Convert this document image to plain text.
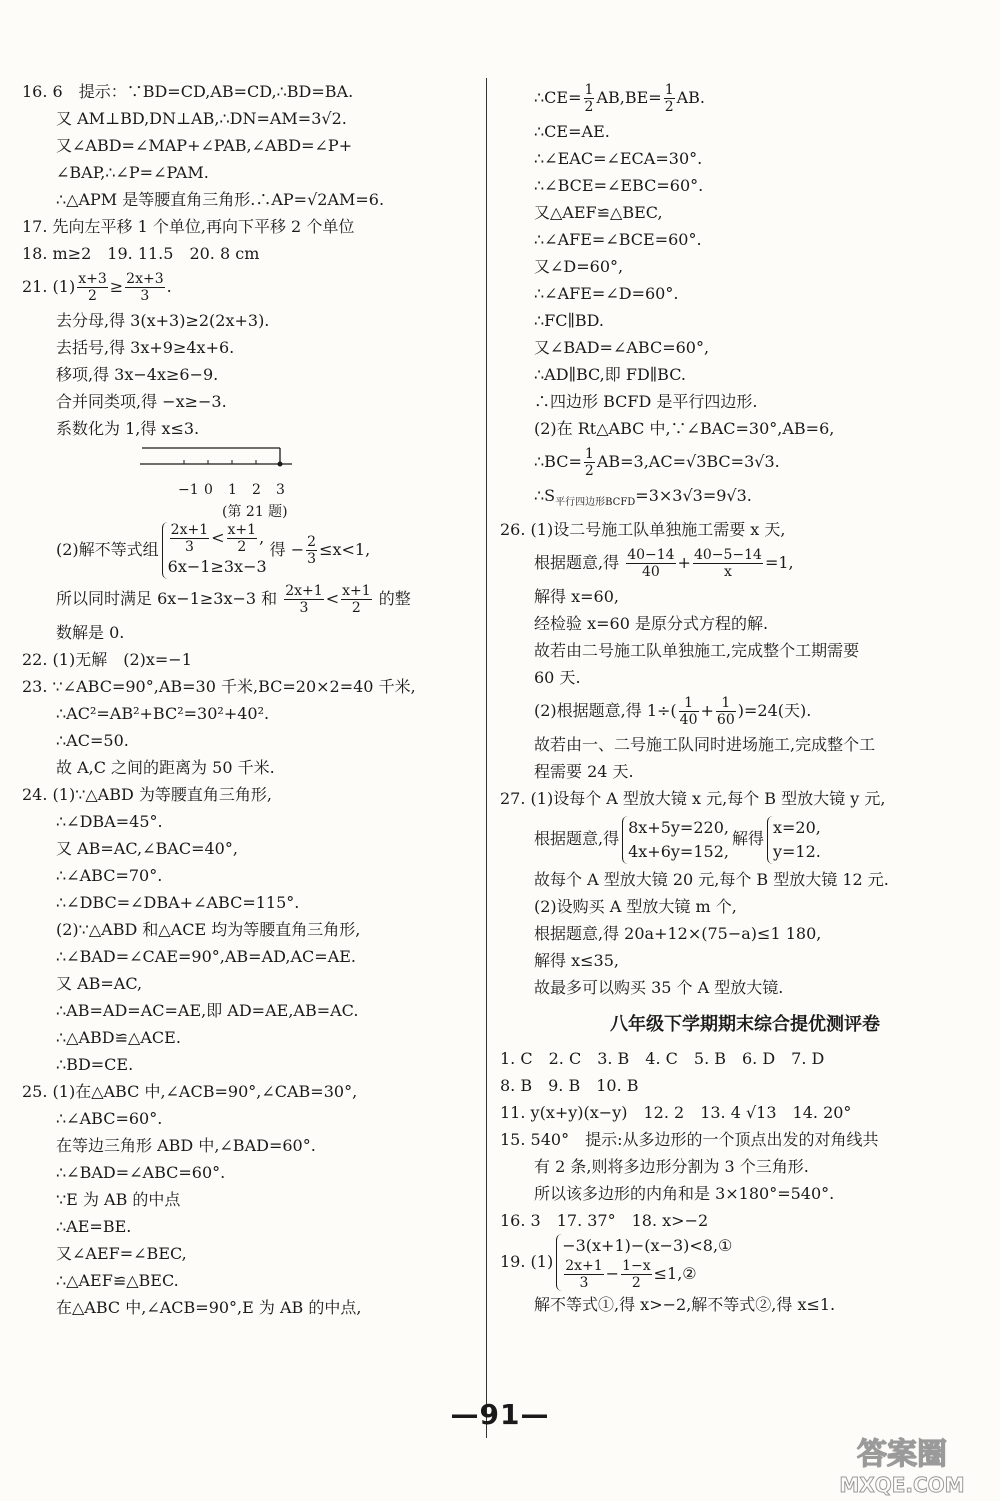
16. 6　提示：∵BD=CD,AB=CD,∴BD=BA.
又 AM⊥BD,DN⊥AB,∴DN=AM=3√2.
又∠ABD=∠MAP+∠PAB,∠ABD=∠P+
∠BAP,∴∠P=∠PAM.
∴△APM 是等腰直角三角形.∴AP=√2AM=6.
17. 先向左平移 1 个单位,再向下平移 2 个单位
18. m≥2　19. 11.5　20. 8 cm
21. $(1) \frac{x+3}{2} \ge \frac{2x+3}{3}$ .
去分母,得 3(x+3)≥2(2x+3).
去括号,得 3x+9≥4x+6.
移项,得 3x−4x≥6−9.
合并同类项,得 −x≥−3.
系数化为 1,得 x≤3.
−1 0 1 2 3
(第 21 题)
(2)解不等式组 $\frac{2x+1}{3} < \frac{x+1}{2}$ ,
6x−1≥3x−3
得 − $\frac{2}{3} \le x<1$,
所以同时满足 6x−1≥3x−3 和 $\frac{2x+1}{3} < \frac{x+1}{2}$ 的整
数解是 0.
22. (1)无解　(2)x=−1
23. ∵∠ABC=90°,AB=30 千米,BC=20×2=40 千米,
∴AC²=AB²+BC²=30²+40².
∴AC=50.
故 A,C 之间的距离为 50 千米.
24. (1)∵△ABD 为等腰直角三角形,
∴∠DBA=45°.
又 AB=AC,∠BAC=40°,
∴∠ABC=70°.
∴∠DBC=∠DBA+∠ABC=115°.
(2)∵△ABD 和△ACE 均为等腰直角三角形,
∴∠BAD=∠CAE=90°,AB=AD,AC=AE.
又 AB=AC,
∴AB=AD=AC=AE,即 AD=AE,AB=AC.
∴△ABD≌△ACE.
∴BD=CE.
25. (1)在△ABC 中,∠ACB=90°,∠CAB=30°,
∴∠ABC=60°.
在等边三角形 ABD 中,∠BAD=60°.
∴∠BAD=∠ABC=60°.
∵E 为 AB 的中点
∴AE=BE.
又∠AEF=∠BEC,
∴△AEF≌△BEC.
在△ABC 中,∠ACB=90°,E 为 AB 的中点,
∴CE= $\frac{1}{2} AB,BE= \frac{1}{2}$ AB.
∴CE=AE.
∴∠EAC=∠ECA=30°.
∴∠BCE=∠EBC=60°.
又△AEF≌△BEC,
∴∠AFE=∠BCE=60°.
又∠D=60°,
∴∠AFE=∠D=60°.
∴FC∥BD.
又∠BAD=∠ABC=60°,
∴AD∥BC,即 FD∥BC.
∴四边形 BCFD 是平行四边形.
(2)在 Rt△ABC 中,∵∠BAC=30°,AB=6,
∴BC= $\frac{1}{2} AB=3,AC=√3BC=3√3$.
$\therefore S_{平行四边形BCFD}=3\times 3√3=9√3$.
26. (1)设二号施工队单独施工需要 x 天,
根据题意,得 $\frac{40-14}{40} + \frac{40-5-14}{x} =1$,
解得 x=60,
经检验 x=60 是原分式方程的解.
故若由二号施工队单独施工,完成整个工期需要
60 天.
(2)根据题意,得 $1\div( \frac{1}{40} + \frac{1}{60} )=24$(天).
故若由一、二号施工队同时进场施工,完成整个工
程需要 24 天.
27. (1)设每个 A 型放大镜 x 元,每个 B 型放大镜 y 元,
根据题意,得
8x+5y=220,
4x+6y=152,
解得
x=20,
y=12.
故每个 A 型放大镜 20 元,每个 B 型放大镜 12 元.
(2)设购买 A 型放大镜 m 个,
根据题意,得 20a+12×(75−a)≤1 180,
解得 x≤35,
故最多可以购买 35 个 A 型放大镜.
八年级下学期期末综合提优测评卷
1. C　2. C　3. B　4. C　5. B　6. D　7. D
8. B　9. B　10. B
11. y(x+y)(x−y)　12. 2　13. 4 √13　14. 20°
15. 540°　提示:从多边形的一个顶点出发的对角线共
有 2 条,则将多边形分割为 3 个三角形.
所以该多边形的内角和是 3×180°=540°.
16. 3　17. 37°　18. x>−2
19. (1)
−3(x+1)−(x−3)<8,①
$\frac{2x+1}{3} - \frac{1-x}{2}$ ≤1,②
解不等式①,得 x>−2,解不等式②,得 x≤1.
—91—
答案圈
MXQE.COM
